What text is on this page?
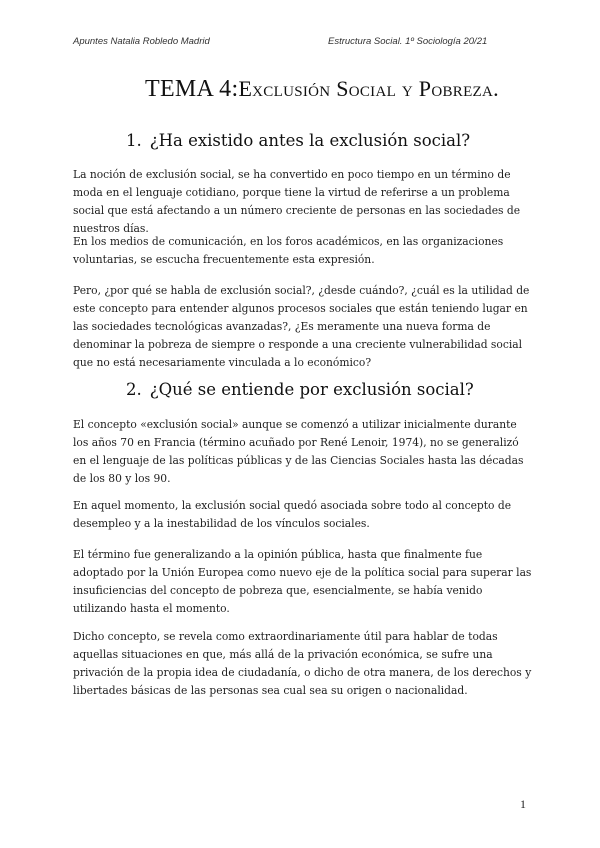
Apuntes Natalia Robledo Madrid	Estructura Social. 1º Sociología 20/21
TEMA 4:Exclusión Social y Pobreza.
1. ¿Ha existido antes la exclusión social?

La noción de exclusión social, se ha convertido en poco tiempo en un término de moda en el lenguaje cotidiano, porque tiene la virtud de referirse a un problema social que está afectando a un número creciente de personas en las sociedades de nuestros días.

En los medios de comunicación, en los foros académicos, en las organizaciones voluntarias, se escucha frecuentemente esta expresión.

Pero, ¿por qué se habla de exclusión social?, ¿desde cuándo?, ¿cuál es la utilidad de este concepto para entender algunos procesos sociales que están teniendo lugar en las sociedades tecnológicas avanzadas?, ¿Es meramente una nueva forma de denominar la pobreza de siempre o responde a una creciente vulnerabilidad social que no está necesariamente vinculada a lo económico?

2. ¿Qué se entiende por exclusión social?

El concepto «exclusión social» aunque se comenzó a utilizar inicialmente durante los años 70 en Francia (término acuñado por René Lenoir, 1974), no se generalizó en el lenguaje de las políticas públicas y de las Ciencias Sociales hasta las décadas de los 80 y los 90.

En aquel momento, la exclusión social quedó asociada sobre todo al concepto de desempleo y a la inestabilidad de los vínculos sociales.

El término fue generalizando a la opinión pública, hasta que finalmente fue adoptado por la Unión Europea como nuevo eje de la política social para superar las insuficiencias del concepto de pobreza que, esencialmente, se había venido utilizando hasta el momento.

Dicho concepto, se revela como extraordinariamente útil para hablar de todas aquellas situaciones en que, más allá de la privación económica, se sufre una privación de la propia idea de ciudadanía, o dicho de otra manera, de los derechos y libertades básicas de las personas sea cual sea su origen o nacionalidad.

1
